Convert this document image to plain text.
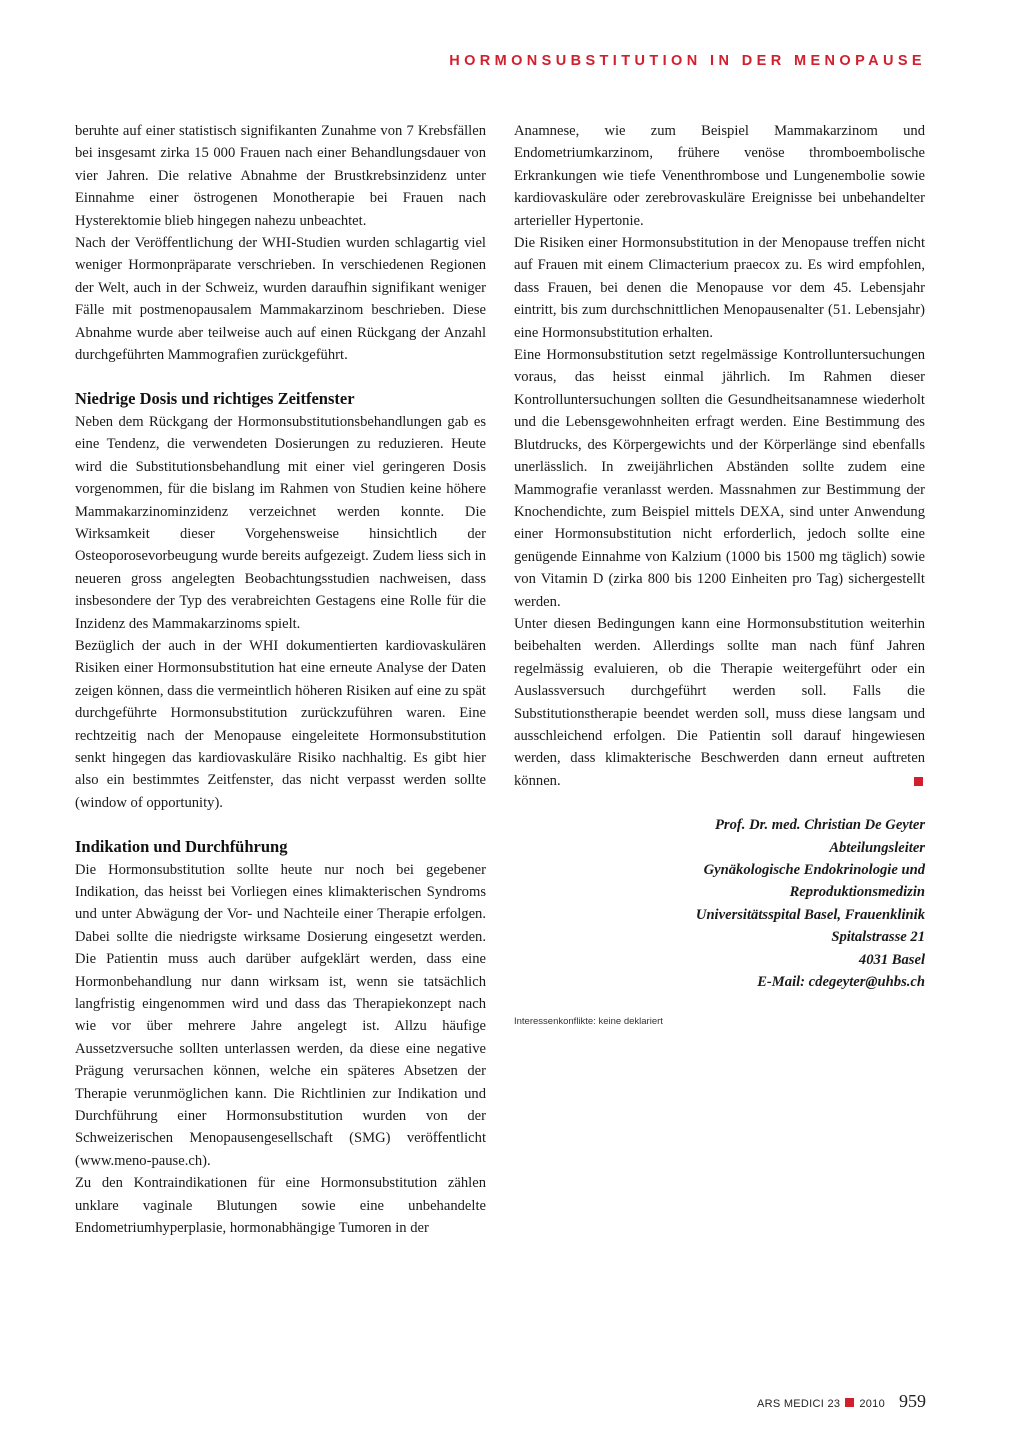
HORMONSUBSTITUTION IN DER MENOPAUSE

beruhte auf einer statistisch signifikanten Zunahme von 7 Krebsfällen bei insgesamt zirka 15 000 Frauen nach einer Behandlungsdauer von vier Jahren. Die relative Abnahme der Brustkrebsinzidenz unter Einnahme einer östrogenen Monotherapie bei Frauen nach Hysterektomie blieb hingegen nahezu unbeachtet.

Nach der Veröffentlichung der WHI-Studien wurden schlagartig viel weniger Hormonpräparate verschrieben. In verschiedenen Regionen der Welt, auch in der Schweiz, wurden daraufhin signifikant weniger Fälle mit postmenopausalem Mammakarzinom beschrieben. Diese Abnahme wurde aber teilweise auch auf einen Rückgang der Anzahl durchgeführten Mammografien zurückgeführt.

Niedrige Dosis und richtiges Zeitfenster

Neben dem Rückgang der Hormonsubstitutionsbehandlungen gab es eine Tendenz, die verwendeten Dosierungen zu reduzieren. Heute wird die Substitutionsbehandlung mit einer viel geringeren Dosis vorgenommen, für die bislang im Rahmen von Studien keine höhere Mammakarzinominzidenz verzeichnet werden konnte. Die Wirksamkeit dieser Vorgehensweise hinsichtlich der Osteoporosevorbeugung wurde bereits aufgezeigt. Zudem liess sich in neueren gross angelegten Beobachtungsstudien nachweisen, dass insbesondere der Typ des verabreichten Gestagens eine Rolle für die Inzidenz des Mammakarzinoms spielt.

Bezüglich der auch in der WHI dokumentierten kardiovaskulären Risiken einer Hormonsubstitution hat eine erneute Analyse der Daten zeigen können, dass die vermeintlich höheren Risiken auf eine zu spät durchgeführte Hormonsubstitution zurückzuführen waren. Eine rechtzeitig nach der Menopause eingeleitete Hormonsubstitution senkt hingegen das kardiovaskuläre Risiko nachhaltig. Es gibt hier also ein bestimmtes Zeitfenster, das nicht verpasst werden sollte (window of opportunity).

Indikation und Durchführung

Die Hormonsubstitution sollte heute nur noch bei gegebener Indikation, das heisst bei Vorliegen eines klimakterischen Syndroms und unter Abwägung der Vor- und Nachteile einer Therapie erfolgen. Dabei sollte die niedrigste wirksame Dosierung eingesetzt werden. Die Patientin muss auch darüber aufgeklärt werden, dass eine Hormonbehandlung nur dann wirksam ist, wenn sie tatsächlich langfristig eingenommen wird und dass das Therapiekonzept nach wie vor über mehrere Jahre angelegt ist. Allzu häufige Aussetzversuche sollten unterlassen werden, da diese eine negative Prägung verursachen können, welche ein späteres Absetzen der Therapie verunmöglichen kann. Die Richtlinien zur Indikation und Durchführung einer Hormonsubstitution wurden von der Schweizerischen Menopausengesellschaft (SMG) veröffentlicht (www.meno-pause.ch).

Zu den Kontraindikationen für eine Hormonsubstitution zählen unklare vaginale Blutungen sowie eine unbehandelte Endometriumhyperplasie, hormonabhängige Tumoren in der

Anamnese, wie zum Beispiel Mammakarzinom und Endometriumkarzinom, frühere venöse thromboembolische Erkrankungen wie tiefe Venenthrombose und Lungenembolie sowie kardiovaskuläre oder zerebrovaskuläre Ereignisse bei unbehandelter arterieller Hypertonie.

Die Risiken einer Hormonsubstitution in der Menopause treffen nicht auf Frauen mit einem Climacterium praecox zu. Es wird empfohlen, dass Frauen, bei denen die Menopause vor dem 45. Lebensjahr eintritt, bis zum durchschnittlichen Menopausenalter (51. Lebensjahr) eine Hormonsubstitution erhalten.

Eine Hormonsubstitution setzt regelmässige Kontrolluntersuchungen voraus, das heisst einmal jährlich. Im Rahmen dieser Kontrolluntersuchungen sollten die Gesundheitsanamnese wiederholt und die Lebensgewohnheiten erfragt werden. Eine Bestimmung des Blutdrucks, des Körpergewichts und der Körperlänge sind ebenfalls unerlässlich. In zweijährlichen Abständen sollte zudem eine Mammografie veranlasst werden. Massnahmen zur Bestimmung der Knochendichte, zum Beispiel mittels DEXA, sind unter Anwendung einer Hormonsubstitution nicht erforderlich, jedoch sollte eine genügende Einnahme von Kalzium (1000 bis 1500 mg täglich) sowie von Vitamin D (zirka 800 bis 1200 Einheiten pro Tag) sichergestellt werden.

Unter diesen Bedingungen kann eine Hormonsubstitution weiterhin beibehalten werden. Allerdings sollte man nach fünf Jahren regelmässig evaluieren, ob die Therapie weitergeführt oder ein Auslassversuch durchgeführt werden soll. Falls die Substitutionstherapie beendet werden soll, muss diese langsam und ausschleichend erfolgen. Die Patientin soll darauf hingewiesen werden, dass klimakterische Beschwerden dann erneut auftreten können.

Prof. Dr. med. Christian De Geyter
Abteilungsleiter
Gynäkologische Endokrinologie und
Reproduktionsmedizin
Universitätsspital Basel, Frauenklinik
Spitalstrasse 21
4031 Basel
E-Mail: cdegeyter@uhbs.ch
Interessenkonflikte: keine deklariert
ARS MEDICI 23 2010 959
